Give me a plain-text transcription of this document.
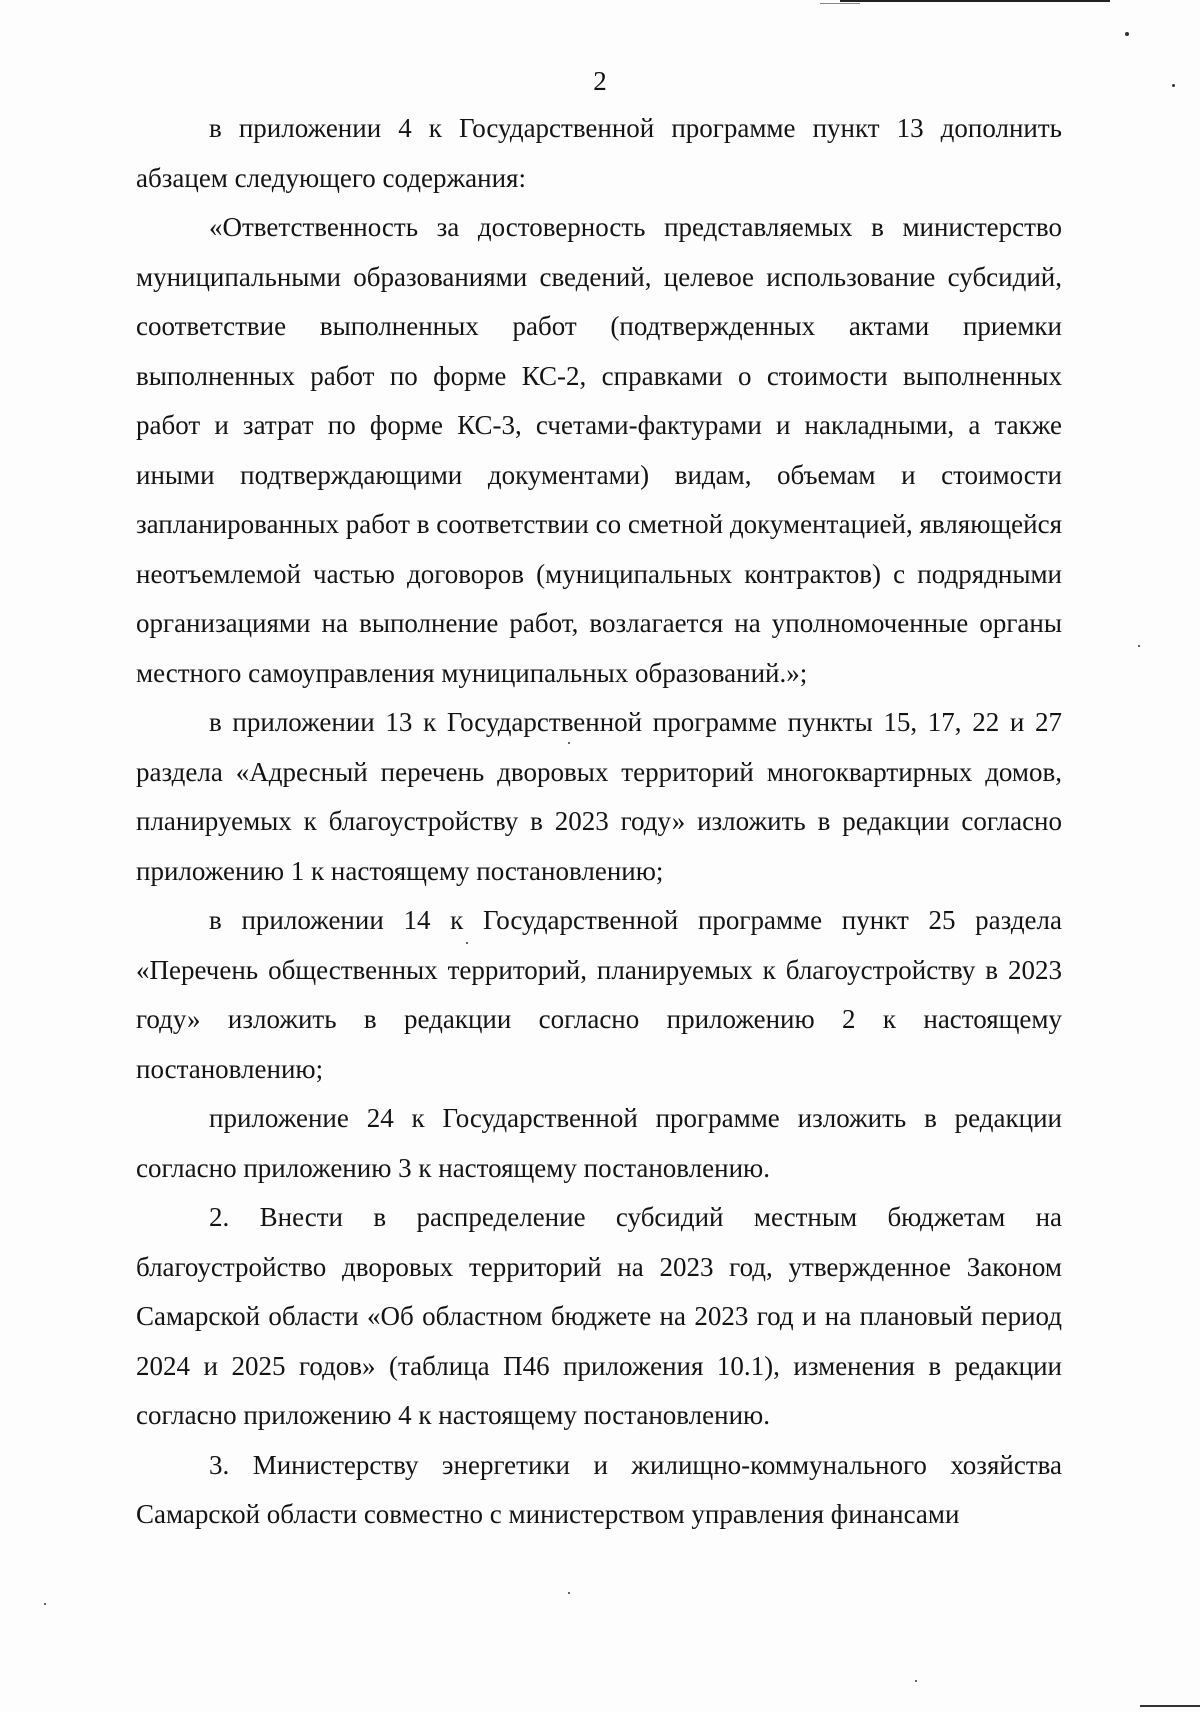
2

в приложении 4 к Государственной программе пункт 13 дополнить абзацем следующего содержания:

«Ответственность за достоверность представляемых в министерство муниципальными образованиями сведений, целевое использование субсидий, соответствие выполненных работ (подтвержденных актами приемки выполненных работ по форме КС-2, справками о стоимости выполненных работ и затрат по форме КС-3, счетами-фактурами и накладными, а также иными подтверждающими документами) видам, объемам и стоимости запланированных работ в соответствии со сметной документацией, являющейся неотъемлемой частью договоров (муниципальных контрактов) с подрядными организациями на выполнение работ, возлагается на уполномоченные органы местного самоуправления муниципальных образований.»;

в приложении 13 к Государственной программе пункты 15, 17, 22 и 27 раздела «Адресный перечень дворовых территорий многоквартирных домов, планируемых к благоустройству в 2023 году» изложить в редакции согласно приложению 1 к настоящему постановлению;

в приложении 14 к Государственной программе пункт 25 раздела «Перечень общественных территорий, планируемых к благоустройству в 2023 году» изложить в редакции согласно приложению 2 к настоящему постановлению;

приложение 24 к Государственной программе изложить в редакции согласно приложению 3 к настоящему постановлению.

2. Внести в распределение субсидий местным бюджетам на благоустройство дворовых территорий на 2023 год, утвержденное Законом Самарской области «Об областном бюджете на 2023 год и на плановый период 2024 и 2025 годов» (таблица П46 приложения 10.1), изменения в редакции согласно приложению 4 к настоящему постановлению.

3. Министерству энергетики и жилищно-коммунального хозяйства Самарской области совместно с министерством управления финансами
